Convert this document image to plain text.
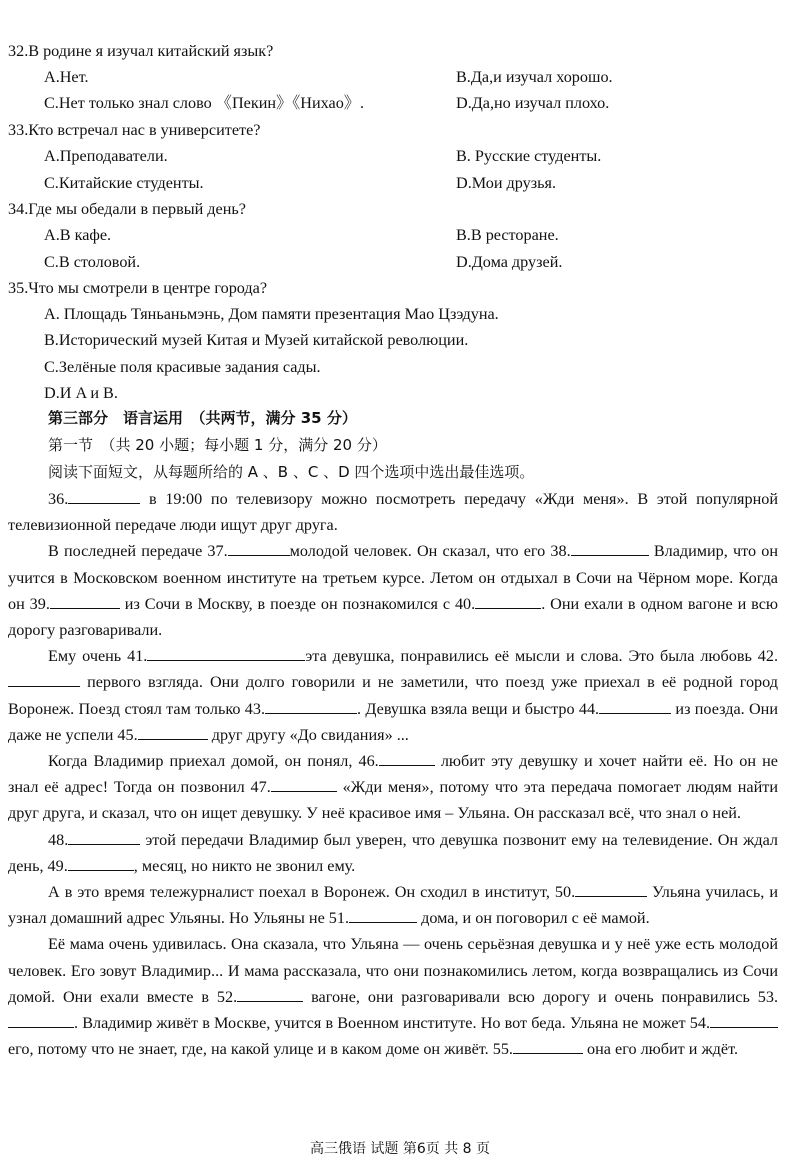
32.В родине я изучал китайский язык?
A.Нет.	B.Да,и изучал хорошо.
C.Нет только знал слово 《Пекин》《Нихао》.	D.Да,но изучал плохо.
33.Кто встречал нас в университете?
A.Преподаватели.	B. Русские студенты.
C.Китайские студенты.	D.Мои друзья.
34.Где мы обедали в первый день?
A.В кафе.	B.В ресторане.
C.В столовой.	D.Дома друзей.
35.Что мы смотрели в центре города?
A. Площадь Тяньаньмэнь, Дом памяти презентация Мао Цзэдуна.
B.Исторический музей Китая и Музей китайской революции.
C.Зелёные поля красивые задания сады.
D.И A и B.
第三部分　语言运用　（共两节，满分 35 分）
第一节　（共 20 小题；每小题 1 分，满分 20 分）
阅读下面短文，从每题所给的 A 、B 、C 、D 四个选项中选出最佳选项。

36.	в 19:00 по телевизору можно посмотреть передачу «Жди меня». В этой популярной телевизионной передаче люди ищут друг друга.

В последней передаче 37.	молодой человек. Он сказал, что его 38.	Владимир, что он учится в Московском военном институте на третьем курсе. Летом он отдыхал в Сочи на Чёрном море. Когда он 39.	из Сочи в Москву, в поезде он познакомился с 40.	. Они ехали в одном вагоне и всю дорогу разговаривали.

Ему очень 41.	эта девушка, понравились её мысли и слова. Это была любовь 42. первого взгляда. Они долго говорили и не заметили, что поезд уже приехал в её родной город Воронеж. Поезд стоял там только 43.	. Девушка взяла вещи и быстро 44.	из поезда. Они даже не успели 45.	друг другу «До свидания» ...

Когда Владимир приехал домой, он понял, 46.	любит эту девушку и хочет найти её. Но он не знал её адрес! Тогда он позвонил 47.	«Жди меня», потому что эта передача помогает людям найти друг друга, и сказал, что он ищет девушку. У неё красивое имя – Ульяна. Он рассказал всё, что знал о ней.

48.	этой передачи Владимир был уверен, что девушка позвонит ему на телевидение. Он ждал день, 49.	, месяц, но никто не звонил ему.

А в это время тележурналист поехал в Воронеж. Он сходил в институт, 50.	Ульяна училась, и узнал домашний адрес Ульяны. Но Ульяны не 51.	дома, и он поговорил с её мамой.

Её мама очень удивилась. Она сказала, что Ульяна — очень серьёзная девушка и у неё уже есть молодой человек. Его зовут Владимир... И мама рассказала, что они познакомились летом, когда возвращались из Сочи домой. Они ехали вместе в 52.	вагоне, они разговаривали всю дорогу и очень понравились 53.. Владимир живёт в Москве, учится в Военном институте. Но вот беда. Ульяна не может 54. его, потому что не знает, где, на какой улице и в каком доме он живёт. 55.	она его любит и ждёт.

高三俄语 试题 第6页 共 8 页
